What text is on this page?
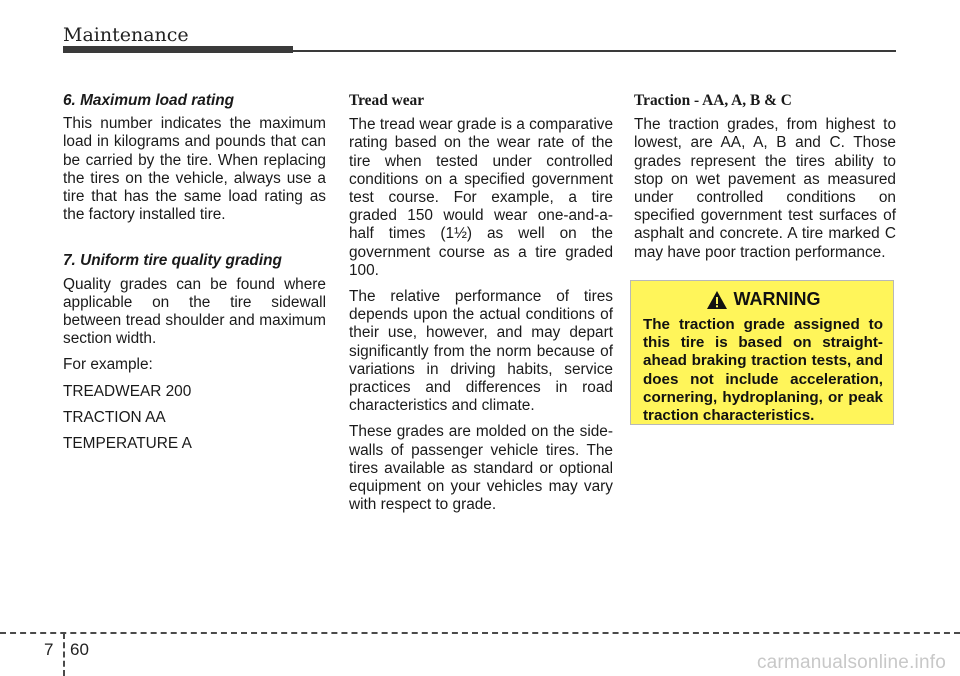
Maintenance
6. Maximum load rating

This number indicates the maximum load in kilograms and pounds that can be carried by the tire. When replacing the tires on the vehicle, always use a tire that has the same load rating as the factory installed tire.

7. Uniform tire quality grading

Quality grades can be found where applicable on the tire sidewall between tread shoulder and maximum section width.

For example:

TREADWEAR 200

TRACTION AA

TEMPERATURE A

Tread wear

The tread wear grade is a comparative rating based on the wear rate of the tire when tested under controlled conditions on a specified government test course. For example, a tire graded 150 would wear one-and-a-half times (1½) as well on the government course as a tire graded 100.

The relative performance of tires depends upon the actual conditions of their use, however, and may depart significantly from the norm because of variations in driving habits, service practices and differences in road characteristics and climate.

These grades are molded on the side-walls of passenger vehicle tires. The tires available as standard or optional equipment on your vehicles may vary with respect to grade.

Traction - AA, A, B & C

The traction grades, from highest to lowest, are AA, A, B and C. Those grades represent the tires ability to stop on wet pavement as measured under controlled conditions on specified government test surfaces of asphalt and concrete. A tire marked C may have poor traction performance.

WARNING
The traction grade assigned to this tire is based on straight-ahead braking traction tests, and does not include acceleration, cornering, hydroplaning, or peak traction characteristics.
7 60
carmanualsonline.info
